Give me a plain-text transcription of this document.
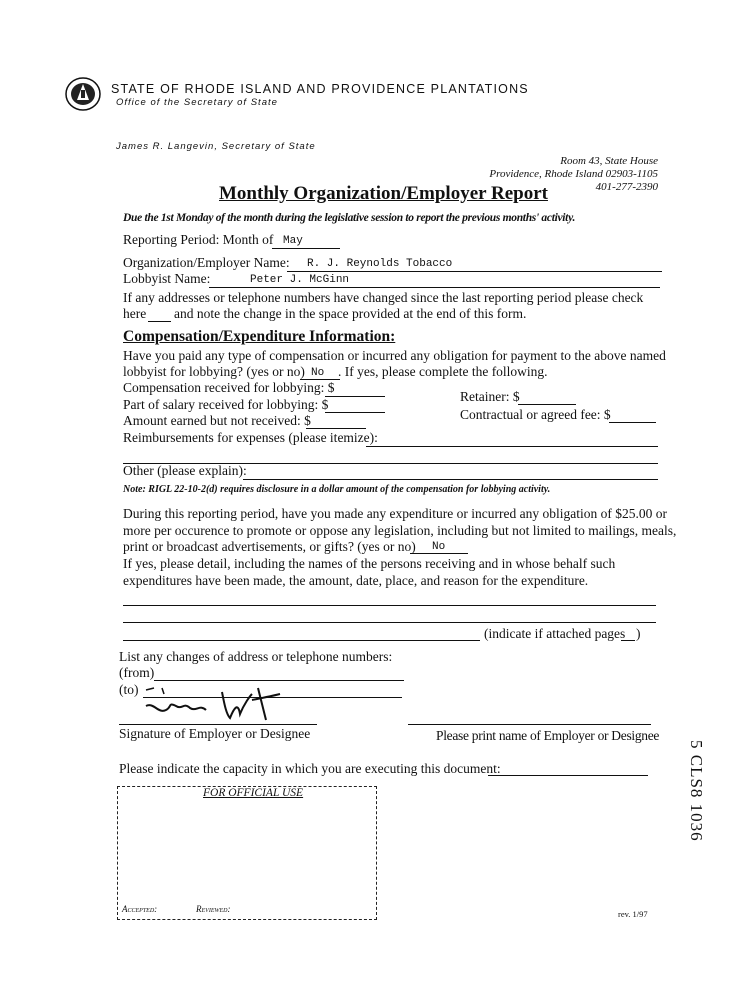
STATE OF RHODE ISLAND AND PROVIDENCE PLANTATIONS
Office of the Secretary of State
James R. Langevin, Secretary of State
Room 43, State House
Providence, Rhode Island 02903-1105
401-277-2390
Monthly Organization/Employer Report
Due the 1st Monday of the month during the legislative session to report the previous months' activity.
Reporting Period: Month of May
Organization/Employer Name: R. J. Reynolds Tobacco
Lobbyist Name:	Peter J. McGinn
If any addresses or telephone numbers have changed since the last reporting period please check
here and note the change in the space provided at the end of this form.
Compensation/Expenditure Information:
Have you paid any type of compensation or incurred any obligation for payment to the above named
lobbyist for lobbying? (yes or no) No . If yes, please complete the following.
Compensation received for lobbying: $
Retainer: $
Part of salary received for lobbying: $
Contractual or agreed fee: $
Amount earned but not received: $
Reimbursements for expenses (please itemize):
Other (please explain):
Note: RIGL 22-10-2(d) requires disclosure in a dollar amount of the compensation for lobbying activity.
During this reporting period, have you made any expenditure or incurred any obligation of $25.00 or
more per occurence to promote or oppose any legislation, including but not limited to mailings, meals,
print or broadcast advertisements, or gifts? (yes or no) No
If yes, please detail, including the names of the persons receiving and in whose behalf such
expenditures have been made, the amount, date, place, and reason for the expenditure.
(indicate if attached pages )
List any changes of address or telephone numbers:
(from)
(to)
Signature of Employer or Designee	Please print name of Employer or Designee
Please indicate the capacity in which you are executing this document:
FOR OFFICIAL USE
Accepted:	Reviewed:	rev. 1/97
5 CLS8 1036
